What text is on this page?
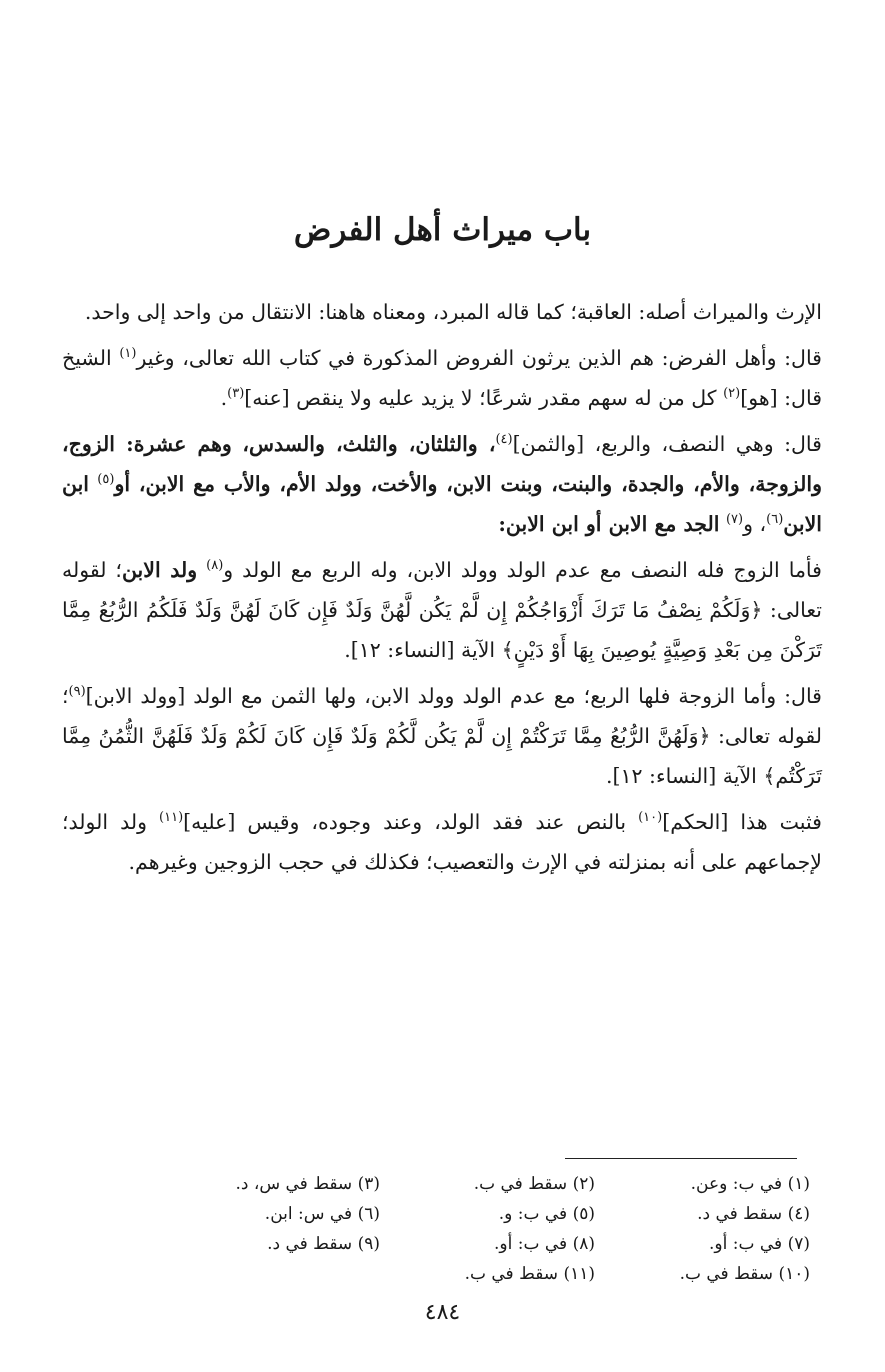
باب ميراث أهل الفرض

الإرث والميراث أصله: العاقبة؛ كما قاله المبرد، ومعناه هاهنا: الانتقال من واحد إلى واحد.

قال: وأهل الفرض: هم الذين يرثون الفروض المذكورة في كتاب الله تعالى، وغير$^{(١)}$ الشيخ قال: [هو]$^{(٢)}$ كل من له سهم مقدر شرعًا؛ لا يزيد عليه ولا ينقص [عنه]$^{(٣)}$.

قال: وهي النصف، والربع، [والثمن]$^{(٤)}$، والثلثان، والثلث، والسدس، وهم عشرة: الزوج، والزوجة، والأم، والجدة، والبنت، وبنت الابن، والأخت، وولد الأم، والأب مع الابن، أو$^{(٥)}$ ابن الابن$^{(٦)}$، و$^{(٧)}$ الجد مع الابن أو ابن الابن:

فأما الزوج فله النصف مع عدم الولد وولد الابن، وله الربع مع الولد و$^{(٨)}$ ولد الابن؛ لقوله تعالى: ﴿وَلَكُمْ نِصْفُ مَا تَرَكَ أَزْوَاجُكُمْ إِن لَّمْ يَكُن لَّهُنَّ وَلَدٌ فَإِن كَانَ لَهُنَّ وَلَدٌ فَلَكُمُ الرُّبُعُ مِمَّا تَرَكْنَ مِن بَعْدِ وَصِيَّةٍ يُوصِينَ بِهَا أَوْ دَيْنٍ﴾ الآية [النساء: ١٢].

قال: وأما الزوجة فلها الربع؛ مع عدم الولد وولد الابن، ولها الثمن مع الولد [وولد الابن]$^{(٩)}$؛ لقوله تعالى: ﴿وَلَهُنَّ الرُّبُعُ مِمَّا تَرَكْتُمْ إِن لَّمْ يَكُن لَّكُمْ وَلَدٌ فَإِن كَانَ لَكُمْ وَلَدٌ فَلَهُنَّ الثُّمُنُ مِمَّا تَرَكْتُم﴾ الآية [النساء: ١٢].

فثبت هذا [الحكم]$^{(١٠)}$ بالنص عند فقد الولد، وعند وجوده، وقيس [عليه]$^{(١١)}$ ولد الولد؛ لإجماعهم على أنه بمنزلته في الإرث والتعصيب؛ فكذلك في حجب الزوجين وغيرهم.

(١) في ب: وعن.
(٢) سقط في ب.
(٣) سقط في س، د.
(٤) سقط في د.
(٥) في ب: و.
(٦) في س: ابن.
(٧) في ب: أو.
(٨) في ب: أو.
(٩) سقط في د.
(١٠) سقط في ب.
(١١) سقط في ب.
٤٨٤
